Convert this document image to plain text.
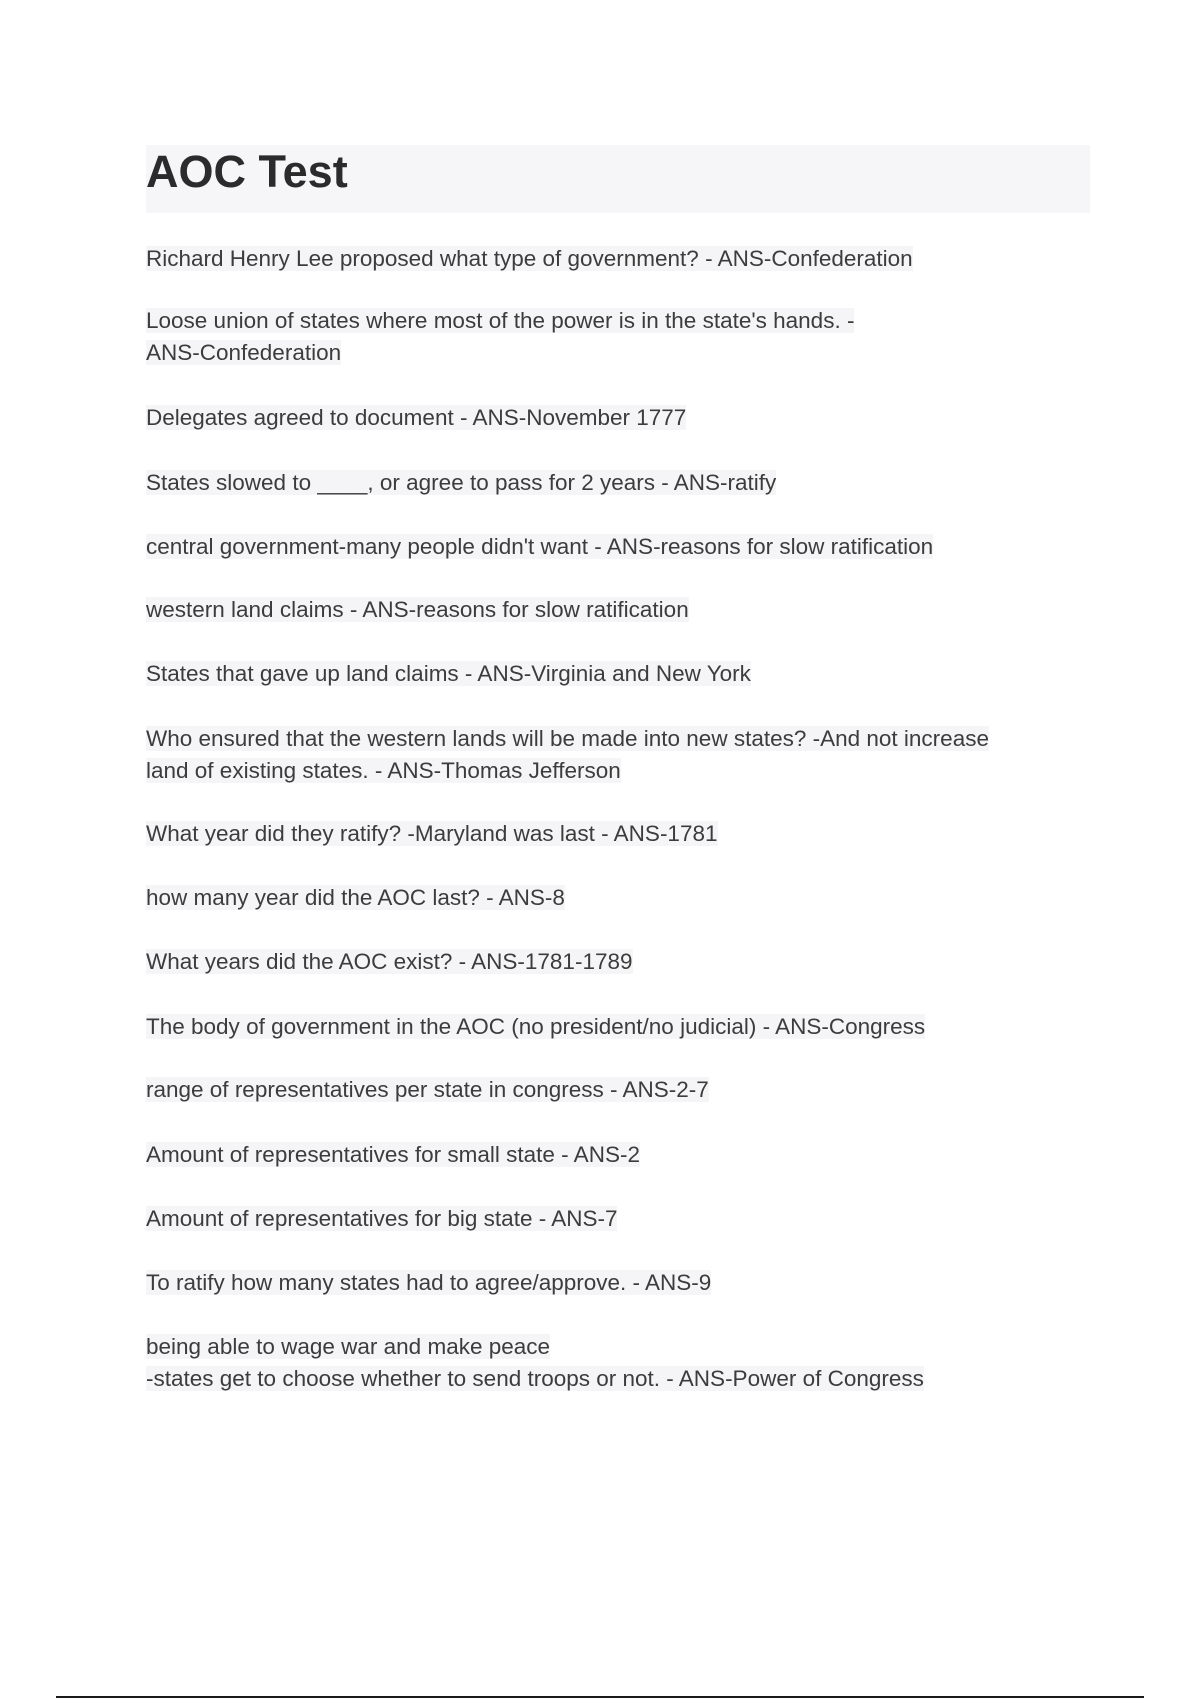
AOC Test

Richard Henry Lee proposed what type of government? - ANS-Confederation

Loose union of states where most of the power is in the state's hands. -
ANS-Confederation

Delegates agreed to document - ANS-November 1777

States slowed to ____, or agree to pass for 2 years - ANS-ratify

central government-many people didn't want - ANS-reasons for slow ratification

western land claims - ANS-reasons for slow ratification

States that gave up land claims - ANS-Virginia and New York

Who ensured that the western lands will be made into new states? -And not increase
land of existing states. - ANS-Thomas Jefferson

What year did they ratify? -Maryland was last - ANS-1781

how many year did the AOC last? - ANS-8

What years did the AOC exist? - ANS-1781-1789

The body of government in the AOC (no president/no judicial) - ANS-Congress

range of representatives per state in congress - ANS-2-7

Amount of representatives for small state - ANS-2

Amount of representatives for big state - ANS-7

To ratify how many states had to agree/approve. - ANS-9

being able to wage war and make peace
-states get to choose whether to send troops or not. - ANS-Power of Congress
